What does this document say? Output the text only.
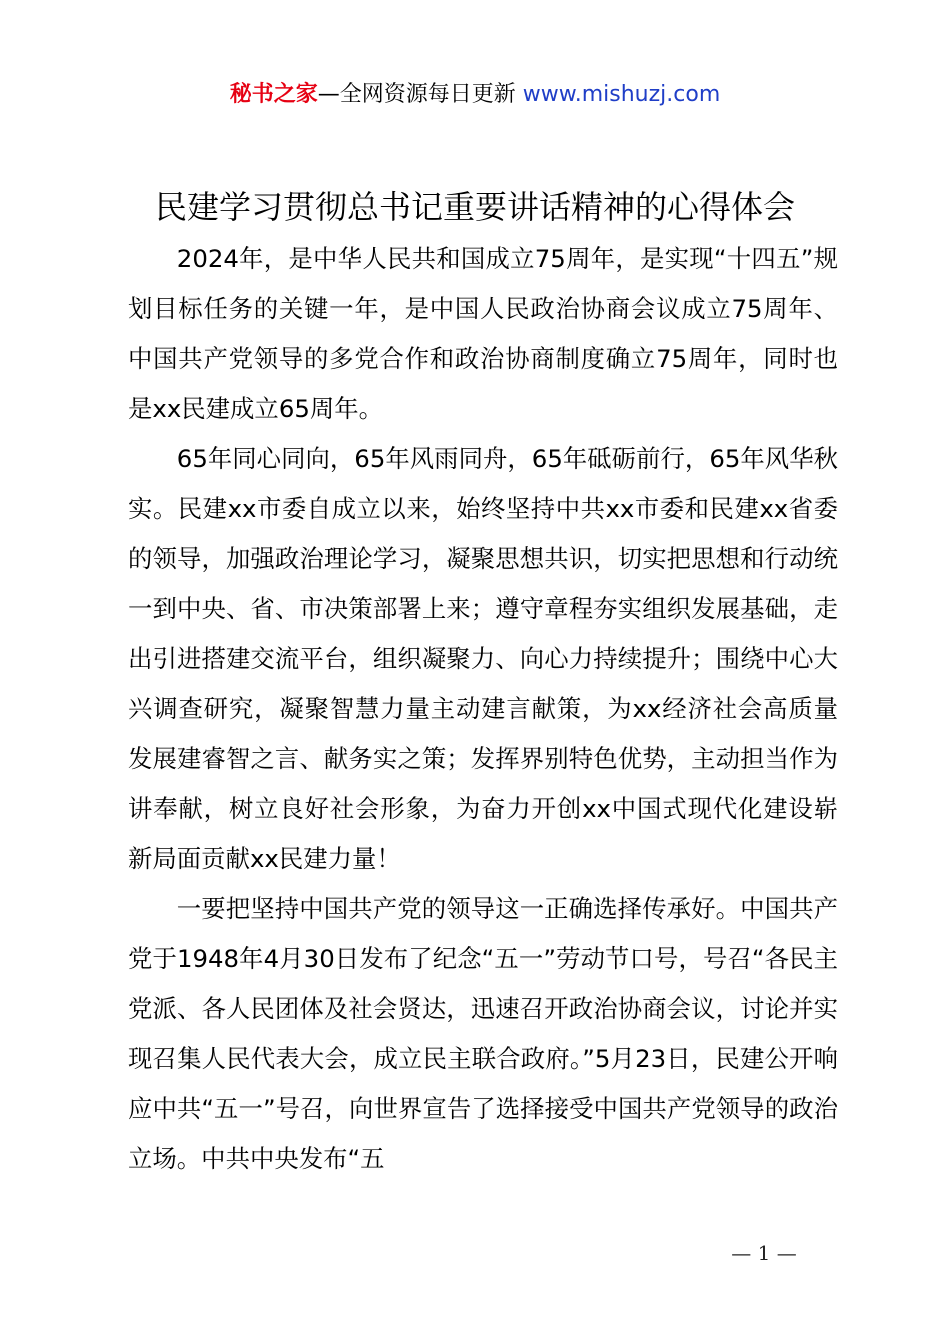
秘书之家—全网资源每日更新 www.mishuzj.com
民建学习贯彻总书记重要讲话精神的心得体会

2024年，是中华人民共和国成立75周年，是实现“十四五”规划目标任务的关键一年，是中国人民政治协商会议成立75周年、中国共产党领导的多党合作和政治协商制度确立75周年，同时也是xx民建成立65周年。

65年同心同向，65年风雨同舟，65年砥砺前行，65年风华秋实。民建xx市委自成立以来，始终坚持中共xx市委和民建xx省委的领导，加强政治理论学习，凝聚思想共识，切实把思想和行动统一到中央、省、市决策部署上来；遵守章程夯实组织发展基础，走出引进搭建交流平台，组织凝聚力、向心力持续提升；围绕中心大兴调查研究，凝聚智慧力量主动建言献策，为xx经济社会高质量发展建睿智之言、献务实之策；发挥界别特色优势，主动担当作为讲奉献，树立良好社会形象，为奋力开创xx中国式现代化建设崭新局面贡献xx民建力量！

一要把坚持中国共产党的领导这一正确选择传承好。中国共产党于1948年4月30日发布了纪念“五一”劳动节口号，号召“各民主党派、各人民团体及社会贤达，迅速召开政治协商会议，讨论并实现召集人民代表大会，成立民主联合政府。”5月23日，民建公开响应中共“五一”号召，向世界宣告了选择接受中国共产党领导的政治立场。中共中央发布“五

— 1 —
